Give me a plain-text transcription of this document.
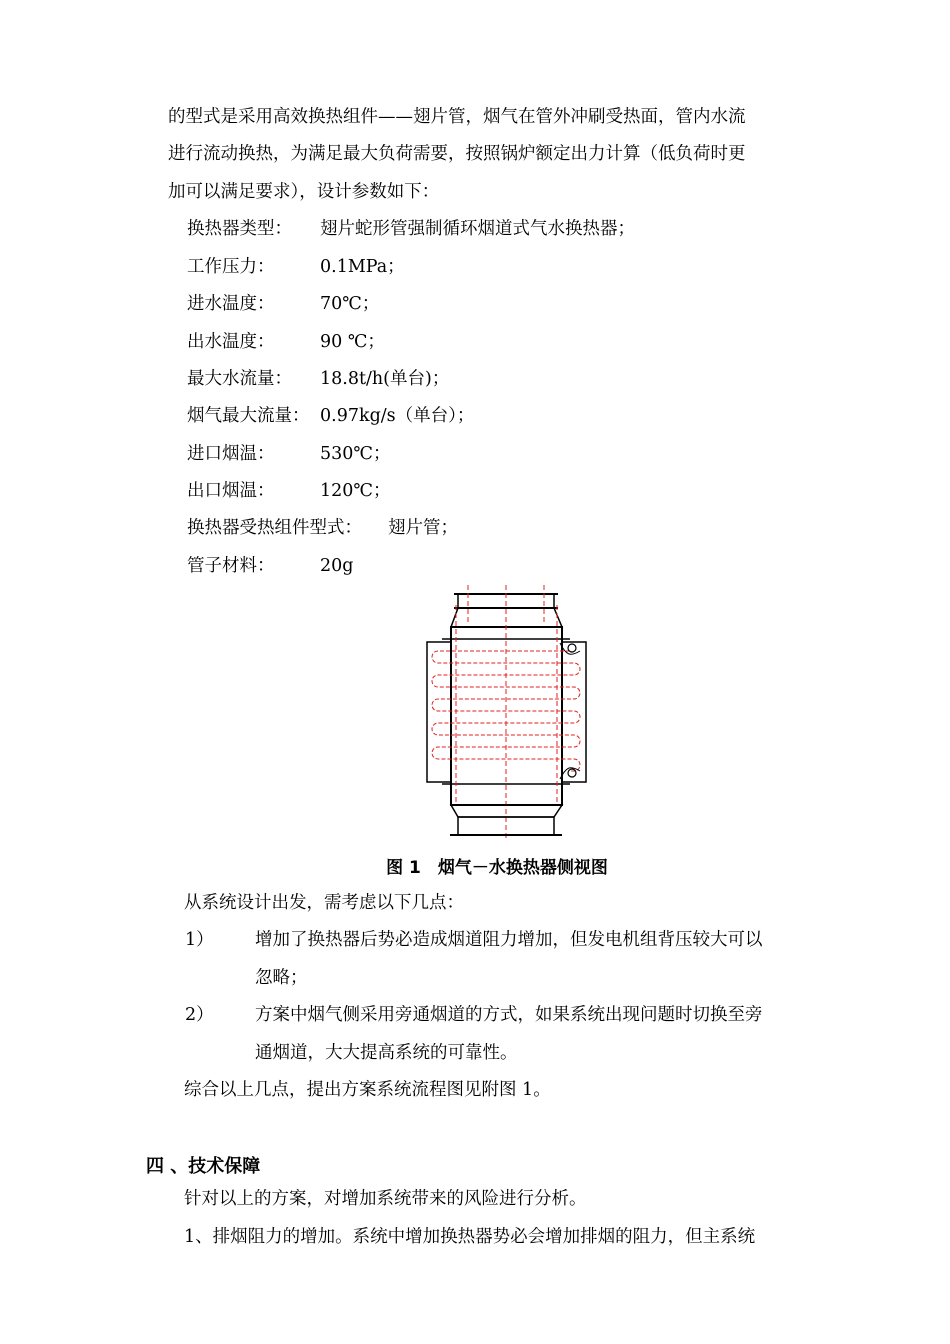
的型式是采用高效换热组件——翅片管，烟气在管外冲刷受热面，管内水流
进行流动换热，为满足最大负荷需要，按照锅炉额定出力计算（低负荷时更
加可以满足要求），设计参数如下：
换热器类型： 翅片蛇形管强制循环烟道式气水换热器；
工作压力：	0.1MPa；
进水温度：	70℃；
出水温度：	90 ℃；
最大水流量： 18.8t/h(单台)；
烟气最大流量： 0.97kg/s（单台）；
进口烟温：	530℃；
出口烟温：	120℃；
换热器受热组件型式： 翅片管；
管子材料：	20g
图 1　烟气－水换热器侧视图
从系统设计出发，需考虑以下几点：
1） 增加了换热器后势必造成烟道阻力增加，但发电机组背压较大可以
忽略；
2） 方案中烟气侧采用旁通烟道的方式，如果系统出现问题时切换至旁
通烟道，大大提高系统的可靠性。
综合以上几点，提出方案系统流程图见附图 1。
四 、技术保障
针对以上的方案，对增加系统带来的风险进行分析。
1、排烟阻力的增加。系统中增加换热器势必会增加排烟的阻力，但主系统
